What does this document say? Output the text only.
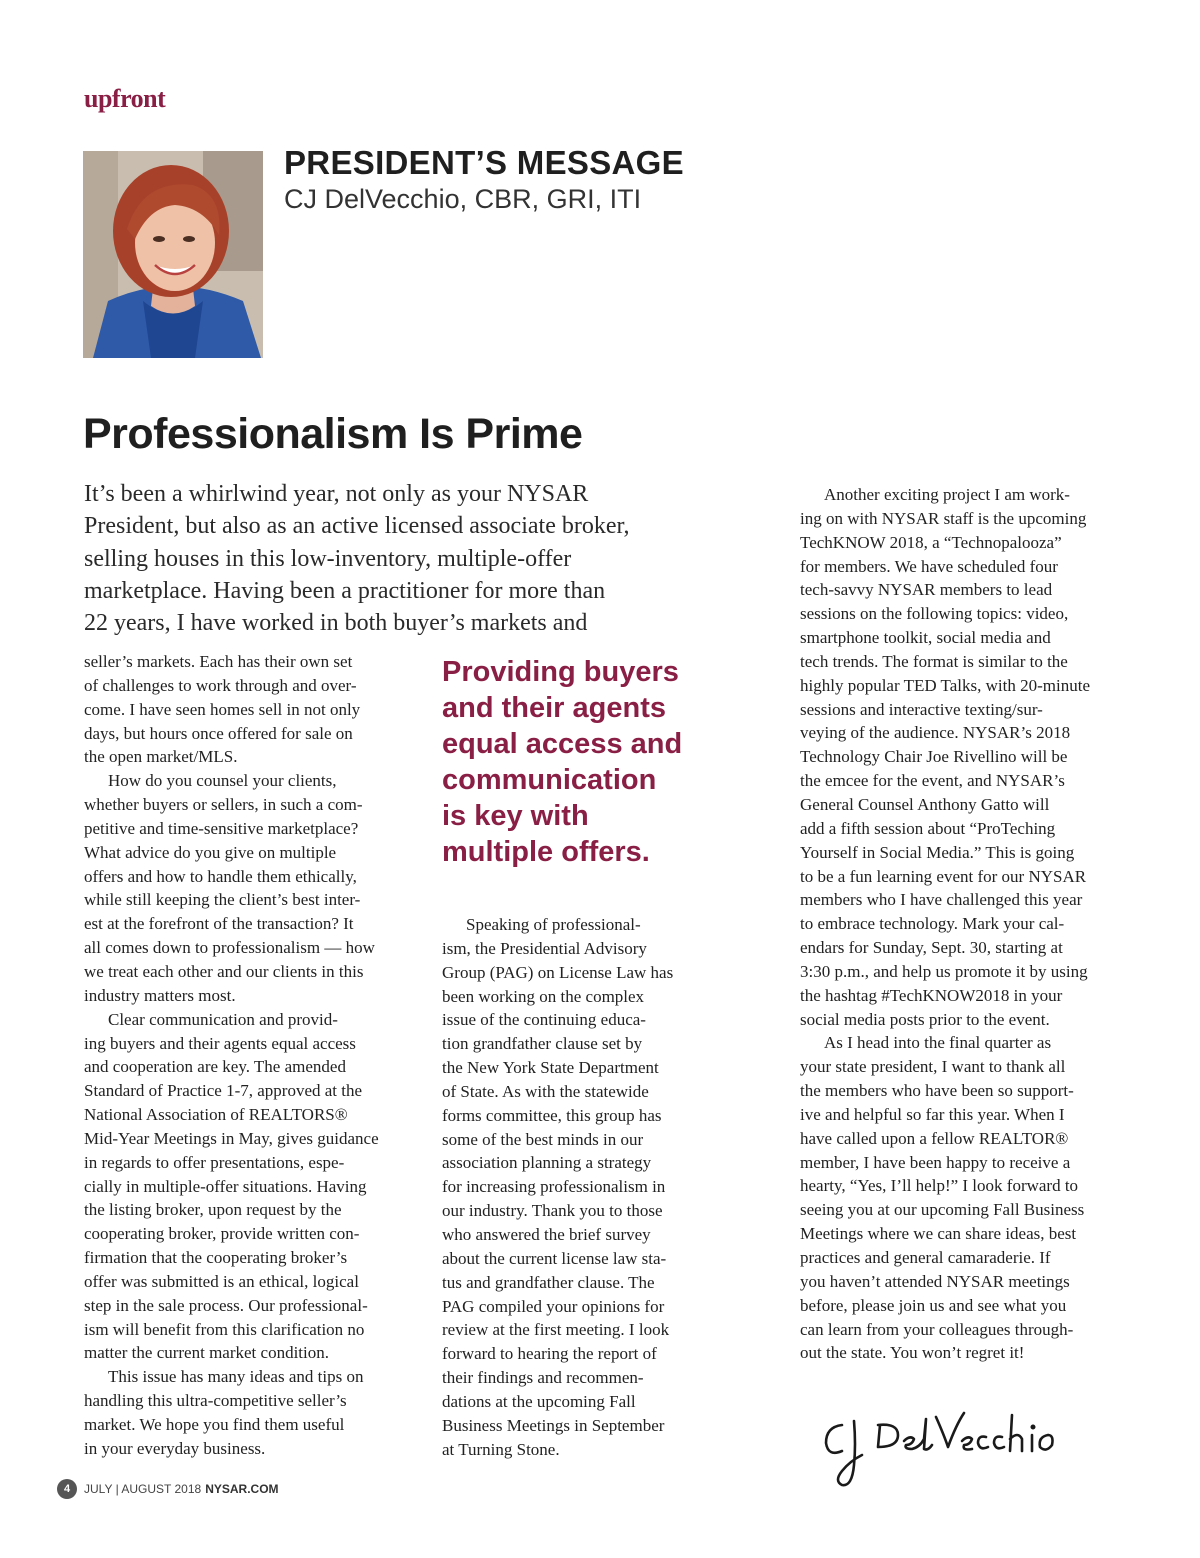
upfront
PRESIDENT’S MESSAGE
CJ DelVecchio, CBR, GRI, ITI
Professionalism Is Prime
It’s been a whirlwind year, not only as your NYSAR
President, but also as an active licensed associate broker,
selling houses in this low-inventory, multiple-offer
marketplace. Having been a practitioner for more than
22 years, I have worked in both buyer’s markets and
seller’s markets. Each has their own set
of challenges to work through and over-
come. I have seen homes sell in not only
days, but hours once offered for sale on
the open market/MLS.
How do you counsel your clients,
whether buyers or sellers, in such a com-
petitive and time-sensitive marketplace?
What advice do you give on multiple
offers and how to handle them ethically,
while still keeping the client’s best inter-
est at the forefront of the transaction? It
all comes down to professionalism — how
we treat each other and our clients in this
industry matters most.
Clear communication and provid-
ing buyers and their agents equal access
and cooperation are key. The amended
Standard of Practice 1-7, approved at the
National Association of REALTORS®
Mid-Year Meetings in May, gives guidance
in regards to offer presentations, espe-
cially in multiple-offer situations. Having
the listing broker, upon request by the
cooperating broker, provide written con-
firmation that the cooperating broker’s
offer was submitted is an ethical, logical
step in the sale process. Our professional-
ism will benefit from this clarification no
matter the current market condition.
This issue has many ideas and tips on
handling this ultra-competitive seller’s
market. We hope you find them useful
in your everyday business.
Providing buyers
and their agents
equal access and
communication
is key with
multiple offers.
Speaking of professional-
ism, the Presidential Advisory
Group (PAG) on License Law has
been working on the complex
issue of the continuing educa-
tion grandfather clause set by
the New York State Department
of State. As with the statewide
forms committee, this group has
some of the best minds in our
association planning a strategy
for increasing professionalism in
our industry. Thank you to those
who answered the brief survey
about the current license law sta-
tus and grandfather clause. The
PAG compiled your opinions for
review at the first meeting. I look
forward to hearing the report of
their findings and recommen-
dations at the upcoming Fall
Business Meetings in September
at Turning Stone.
Another exciting project I am work-
ing on with NYSAR staff is the upcoming
TechKNOW 2018, a “Technopalooza”
for members. We have scheduled four
tech-savvy NYSAR members to lead
sessions on the following topics: video,
smartphone toolkit, social media and
tech trends. The format is similar to the
highly popular TED Talks, with 20-minute
sessions and interactive texting/sur-
veying of the audience. NYSAR’s 2018
Technology Chair Joe Rivellino will be
the emcee for the event, and NYSAR’s
General Counsel Anthony Gatto will
add a fifth session about “ProTeching
Yourself in Social Media.” This is going
to be a fun learning event for our NYSAR
members who I have challenged this year
to embrace technology. Mark your cal-
endars for Sunday, Sept. 30, starting at
3:30 p.m., and help us promote it by using
the hashtag #TechKNOW2018 in your
social media posts prior to the event.
As I head into the final quarter as
your state president, I want to thank all
the members who have been so support-
ive and helpful so far this year. When I
have called upon a fellow REALTOR®
member, I have been happy to receive a
hearty, “Yes, I’ll help!” I look forward to
seeing you at our upcoming Fall Business
Meetings where we can share ideas, best
practices and general camaraderie. If
you haven’t attended NYSAR meetings
before, please join us and see what you
can learn from your colleagues through-
out the state. You won’t regret it!
4	JULY | AUGUST 2018 NYSAR.COM
